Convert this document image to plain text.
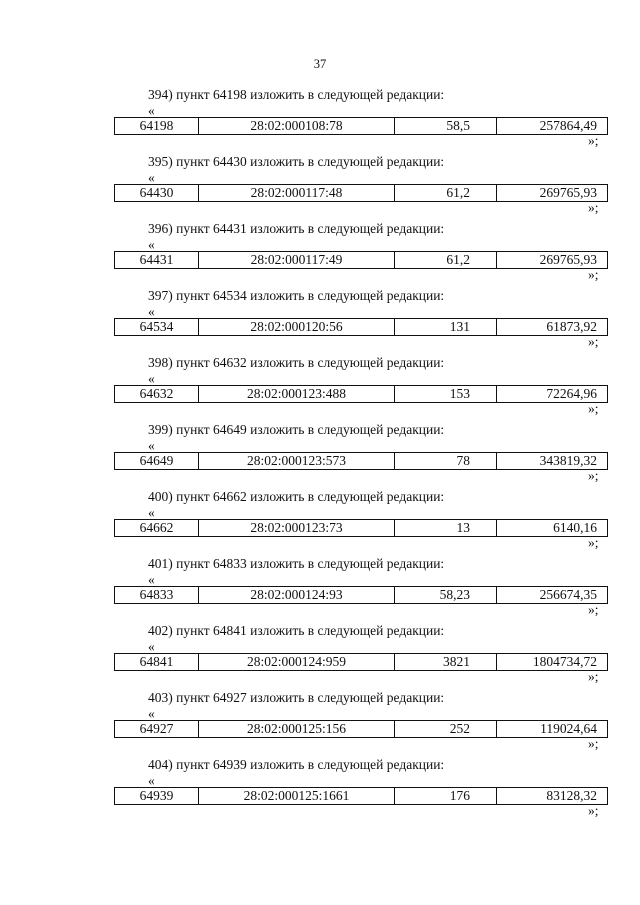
37
394) пункт 64198 изложить в следующей редакции:
«
64198	28:02:000108:78	58,5	257864,49
»;
395) пункт 64430 изложить в следующей редакции:
«
64430	28:02:000117:48	61,2	269765,93
»;
396) пункт 64431 изложить в следующей редакции:
«
64431	28:02:000117:49	61,2	269765,93
»;
397) пункт 64534 изложить в следующей редакции:
«
64534	28:02:000120:56	131	61873,92
»;
398) пункт 64632 изложить в следующей редакции:
«
64632	28:02:000123:488	153	72264,96
»;
399) пункт 64649 изложить в следующей редакции:
«
64649	28:02:000123:573	78	343819,32
»;
400) пункт 64662 изложить в следующей редакции:
«
64662	28:02:000123:73	13	6140,16
»;
401) пункт 64833 изложить в следующей редакции:
«
64833	28:02:000124:93	58,23	256674,35
»;
402) пункт 64841 изложить в следующей редакции:
«
64841	28:02:000124:959	3821	1804734,72
»;
403) пункт 64927 изложить в следующей редакции:
«
64927	28:02:000125:156	252	119024,64
»;
404) пункт 64939 изложить в следующей редакции:
«
64939	28:02:000125:1661	176	83128,32
»;
